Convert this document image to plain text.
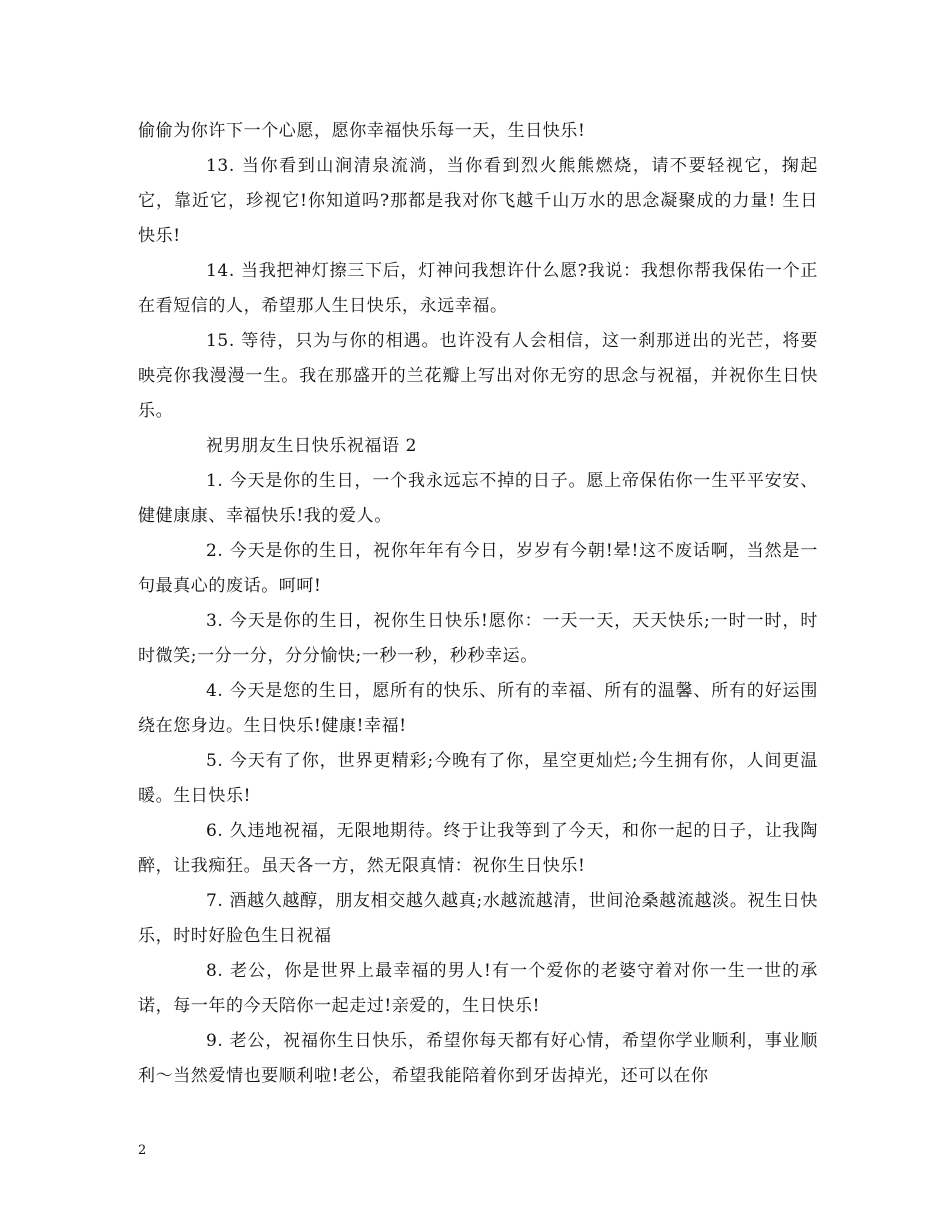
偷偷为你许下一个心愿，愿你幸福快乐每一天，生日快乐!

13. 当你看到山涧清泉流淌，当你看到烈火熊熊燃烧，请不要轻视它，掬起它，靠近它，珍视它!你知道吗?那都是我对你飞越千山万水的思念凝聚成的力量! 生日快乐!

14. 当我把神灯擦三下后，灯神问我想许什么愿?我说：我想你帮我保佑一个正在看短信的人，希望那人生日快乐，永远幸福。

15. 等待，只为与你的相遇。也许没有人会相信，这一刹那迸出的光芒，将要映亮你我漫漫一生。我在那盛开的兰花瓣上写出对你无穷的思念与祝福，并祝你生日快乐。

祝男朋友生日快乐祝福语 2

1. 今天是你的生日，一个我永远忘不掉的日子。愿上帝保佑你一生平平安安、健健康康、幸福快乐!我的爱人。

2. 今天是你的生日，祝你年年有今日，岁岁有今朝!晕!这不废话啊，当然是一句最真心的废话。呵呵!

3. 今天是你的生日，祝你生日快乐!愿你：一天一天，天天快乐;一时一时，时时微笑;一分一分，分分愉快;一秒一秒，秒秒幸运。

4. 今天是您的生日，愿所有的快乐、所有的幸福、所有的温馨、所有的好运围绕在您身边。生日快乐!健康!幸福!

5. 今天有了你，世界更精彩;今晚有了你，星空更灿烂;今生拥有你，人间更温暖。生日快乐!

6. 久违地祝福，无限地期待。终于让我等到了今天，和你一起的日子，让我陶醉，让我痴狂。虽天各一方，然无限真情：祝你生日快乐!

7. 酒越久越醇，朋友相交越久越真;水越流越清，世间沧桑越流越淡。祝生日快乐，时时好脸色生日祝福

8. 老公，你是世界上最幸福的男人!有一个爱你的老婆守着对你一生一世的承诺，每一年的今天陪你一起走过!亲爱的，生日快乐!

9. 老公，祝福你生日快乐，希望你每天都有好心情，希望你学业顺利，事业顺利～当然爱情也要顺利啦!老公，希望我能陪着你到牙齿掉光，还可以在你

2
